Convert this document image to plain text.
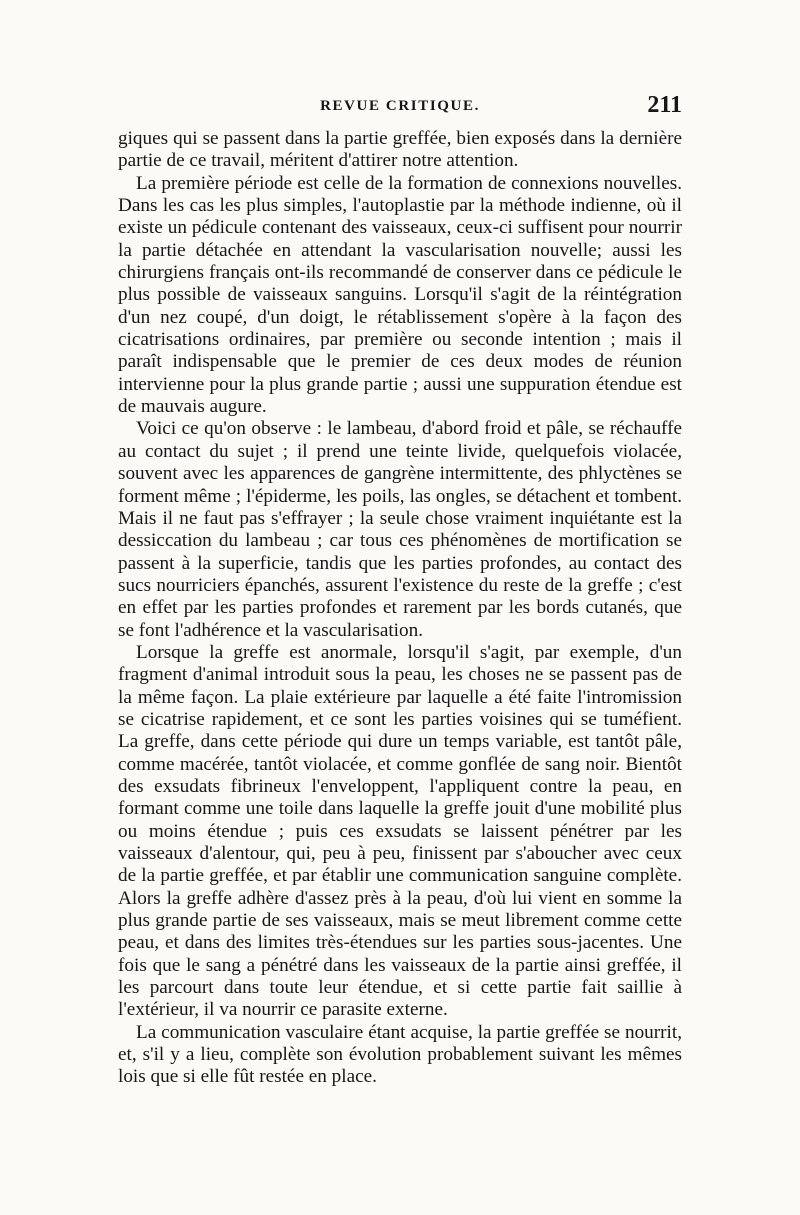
REVUE CRITIQUE.	211

giques qui se passent dans la partie greffée, bien exposés dans la dernière partie de ce travail, méritent d'attirer notre attention.

La première période est celle de la formation de connexions nouvelles. Dans les cas les plus simples, l'autoplastie par la méthode indienne, où il existe un pédicule contenant des vaisseaux, ceux-ci suffisent pour nourrir la partie détachée en attendant la vascularisation nouvelle; aussi les chirurgiens français ont-ils recommandé de conserver dans ce pédicule le plus possible de vaisseaux sanguins. Lorsqu'il s'agit de la réintégration d'un nez coupé, d'un doigt, le rétablissement s'opère à la façon des cicatrisations ordinaires, par première ou seconde intention ; mais il paraît indispensable que le premier de ces deux modes de réunion intervienne pour la plus grande partie ; aussi une suppuration étendue est de mauvais augure.

Voici ce qu'on observe : le lambeau, d'abord froid et pâle, se réchauffe au contact du sujet ; il prend une teinte livide, quelquefois violacée, souvent avec les apparences de gangrène intermittente, des phlyctènes se forment même ; l'épiderme, les poils, las ongles, se détachent et tombent. Mais il ne faut pas s'effrayer ; la seule chose vraiment inquiétante est la dessiccation du lambeau ; car tous ces phénomènes de mortification se passent à la superficie, tandis que les parties profondes, au contact des sucs nourriciers épanchés, assurent l'existence du reste de la greffe ; c'est en effet par les parties profondes et rarement par les bords cutanés, que se font l'adhérence et la vascularisation.

Lorsque la greffe est anormale, lorsqu'il s'agit, par exemple, d'un fragment d'animal introduit sous la peau, les choses ne se passent pas de la même façon. La plaie extérieure par laquelle a été faite l'intromission se cicatrise rapidement, et ce sont les parties voisines qui se tuméfient. La greffe, dans cette période qui dure un temps variable, est tantôt pâle, comme macérée, tantôt violacée, et comme gonflée de sang noir. Bientôt des exsudats fibrineux l'enveloppent, l'appliquent contre la peau, en formant comme une toile dans laquelle la greffe jouit d'une mobilité plus ou moins étendue ; puis ces exsudats se laissent pénétrer par les vaisseaux d'alentour, qui, peu à peu, finissent par s'aboucher avec ceux de la partie greffée, et par établir une communication sanguine complète. Alors la greffe adhère d'assez près à la peau, d'où lui vient en somme la plus grande partie de ses vaisseaux, mais se meut librement comme cette peau, et dans des limites très-étendues sur les parties sous-jacentes. Une fois que le sang a pénétré dans les vaisseaux de la partie ainsi greffée, il les parcourt dans toute leur étendue, et si cette partie fait saillie à l'extérieur, il va nourrir ce parasite externe.

La communication vasculaire étant acquise, la partie greffée se nourrit, et, s'il y a lieu, complète son évolution probablement suivant les mêmes lois que si elle fût restée en place.
